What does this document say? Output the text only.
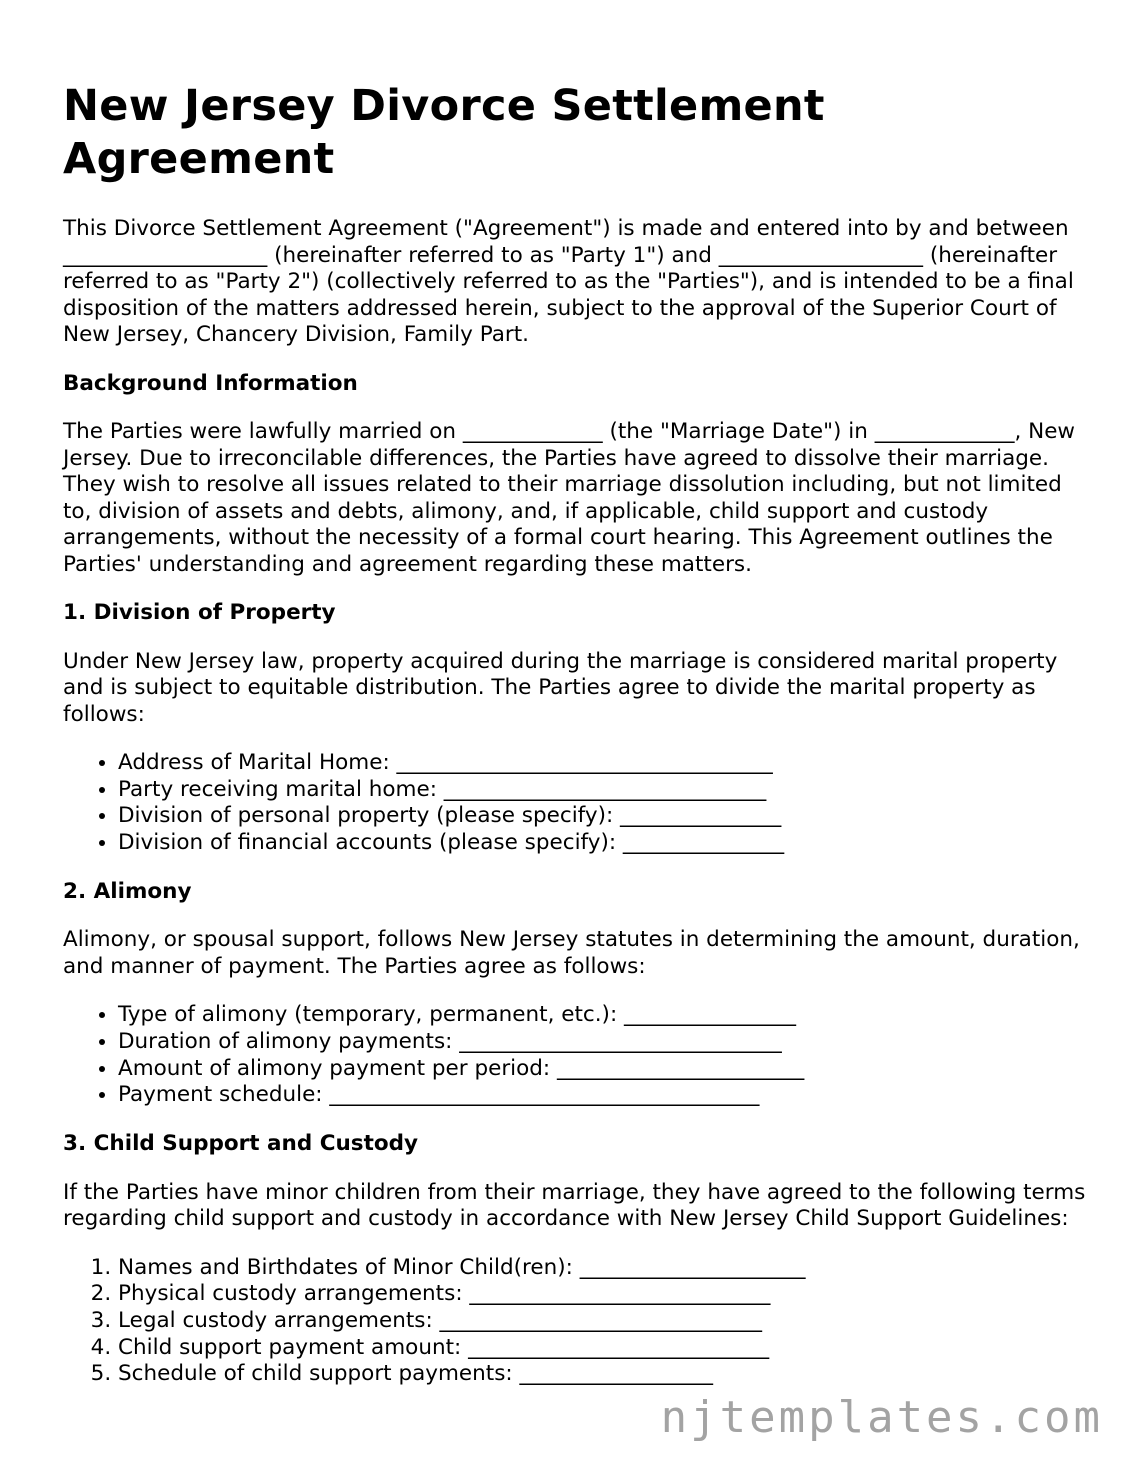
New Jersey Divorce Settlement Agreement

This Divorce Settlement Agreement ("Agreement") is made and entered into by and between ___________________ (hereinafter referred to as "Party 1") and ___________________ (hereinafter referred to as "Party 2") (collectively referred to as the "Parties"), and is intended to be a final disposition of the matters addressed herein, subject to the approval of the Superior Court of New Jersey, Chancery Division, Family Part.

Background Information

The Parties were lawfully married on _____________ (the "Marriage Date") in _____________, New Jersey. Due to irreconcilable differences, the Parties have agreed to dissolve their marriage. They wish to resolve all issues related to their marriage dissolution including, but not limited to, division of assets and debts, alimony, and, if applicable, child support and custody arrangements, without the necessity of a formal court hearing. This Agreement outlines the Parties' understanding and agreement regarding these matters.

1. Division of Property

Under New Jersey law, property acquired during the marriage is considered marital property and is subject to equitable distribution. The Parties agree to divide the marital property as follows:

• Address of Marital Home: ___________________________________
• Party receiving marital home: ______________________________
• Division of personal property (please specify): _______________
• Division of financial accounts (please specify): _______________
2. Alimony

Alimony, or spousal support, follows New Jersey statutes in determining the amount, duration, and manner of payment. The Parties agree as follows:

• Type of alimony (temporary, permanent, etc.): ________________
• Duration of alimony payments: ______________________________
• Amount of alimony payment per period: _______________________
• Payment schedule: ________________________________________
3. Child Support and Custody

If the Parties have minor children from their marriage, they have agreed to the following terms regarding child support and custody in accordance with New Jersey Child Support Guidelines:

1. Names and Birthdates of Minor Child(ren): _____________________
2. Physical custody arrangements: ____________________________
3. Legal custody arrangements: ______________________________
4. Child support payment amount: ____________________________
5. Schedule of child support payments: __________________
njtemplates.com
